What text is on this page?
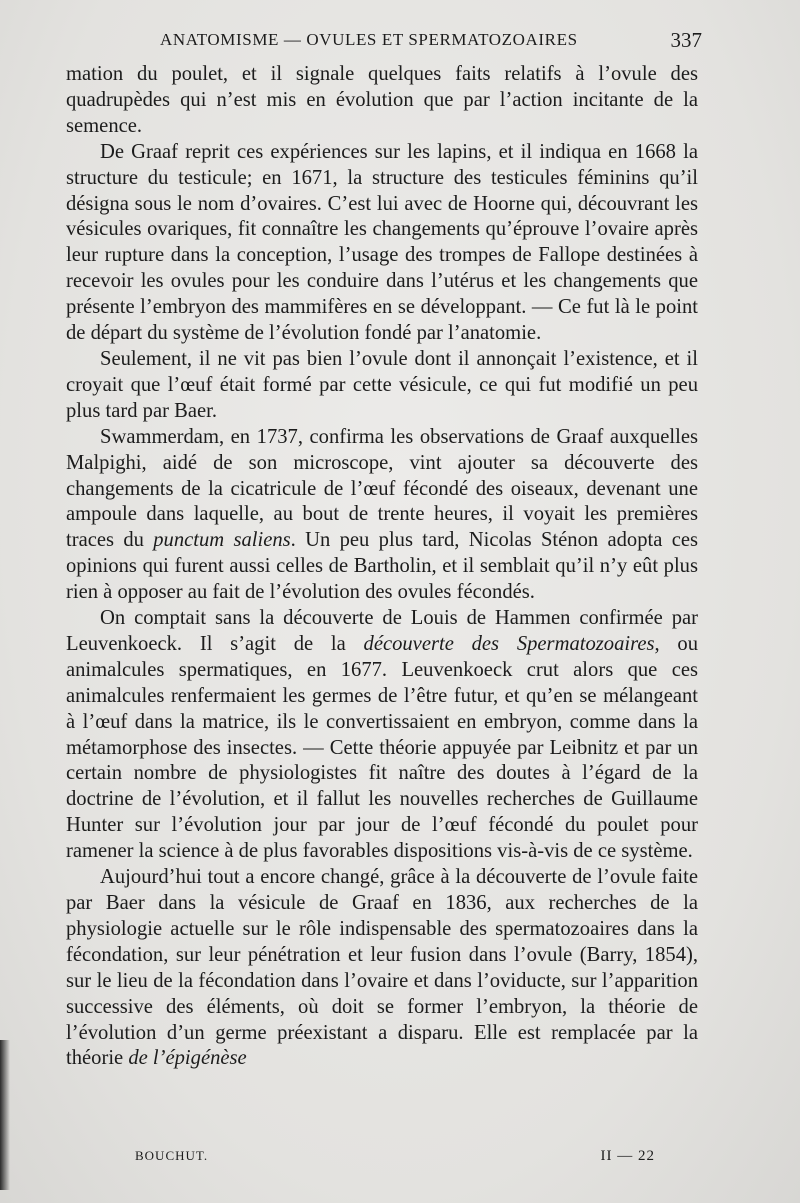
ANATOMISME — OVULES ET SPERMATOZOAIRES	337

mation du poulet, et il signale quelques faits relatifs à l’ovule des quadrupèdes qui n’est mis en évolution que par l’action incitante de la semence.

De Graaf reprit ces expériences sur les lapins, et il indiqua en 1668 la structure du testicule; en 1671, la structure des testicules féminins qu’il désigna sous le nom d’ovaires. C’est lui avec de Hoorne qui, découvrant les vésicules ovariques, fit connaître les changements qu’éprouve l’ovaire après leur rupture dans la conception, l’usage des trompes de Fallope destinées à recevoir les ovules pour les conduire dans l’utérus et les changements que présente l’embryon des mammifères en se développant. — Ce fut là le point de départ du système de l’évolution fondé par l’anatomie.

Seulement, il ne vit pas bien l’ovule dont il annonçait l’existence, et il croyait que l’œuf était formé par cette vésicule, ce qui fut modifié un peu plus tard par Baer.

Swammerdam, en 1737, confirma les observations de Graaf auxquelles Malpighi, aidé de son microscope, vint ajouter sa découverte des changements de la cicatricule de l’œuf fécondé des oiseaux, devenant une ampoule dans laquelle, au bout de trente heures, il voyait les premières traces du punctum saliens. Un peu plus tard, Nicolas Sténon adopta ces opinions qui furent aussi celles de Bartholin, et il semblait qu’il n’y eût plus rien à opposer au fait de l’évolution des ovules fécondés.

On comptait sans la découverte de Louis de Hammen confirmée par Leuvenkoeck. Il s’agit de la découverte des Spermatozoaires, ou animalcules spermatiques, en 1677. Leuvenkoeck crut alors que ces animalcules renfermaient les germes de l’être futur, et qu’en se mélangeant à l’œuf dans la matrice, ils le convertissaient en embryon, comme dans la métamorphose des insectes. — Cette théorie appuyée par Leibnitz et par un certain nombre de physiologistes fit naître des doutes à l’égard de la doctrine de l’évolution, et il fallut les nouvelles recherches de Guillaume Hunter sur l’évolution jour par jour de l’œuf fécondé du poulet pour ramener la science à de plus favorables dispositions vis-à-vis de ce système.

Aujourd’hui tout a encore changé, grâce à la découverte de l’ovule faite par Baer dans la vésicule de Graaf en 1836, aux recherches de la physiologie actuelle sur le rôle indispensable des spermatozoaires dans la fécondation, sur leur pénétration et leur fusion dans l’ovule (Barry, 1854), sur le lieu de la fécondation dans l’ovaire et dans l’oviducte, sur l’apparition successive des éléments, où doit se former l’embryon, la théorie de l’évolution d’un germe préexistant a disparu. Elle est remplacée par la théorie de l’épigénèse

BOUCHUT.	II — 22
